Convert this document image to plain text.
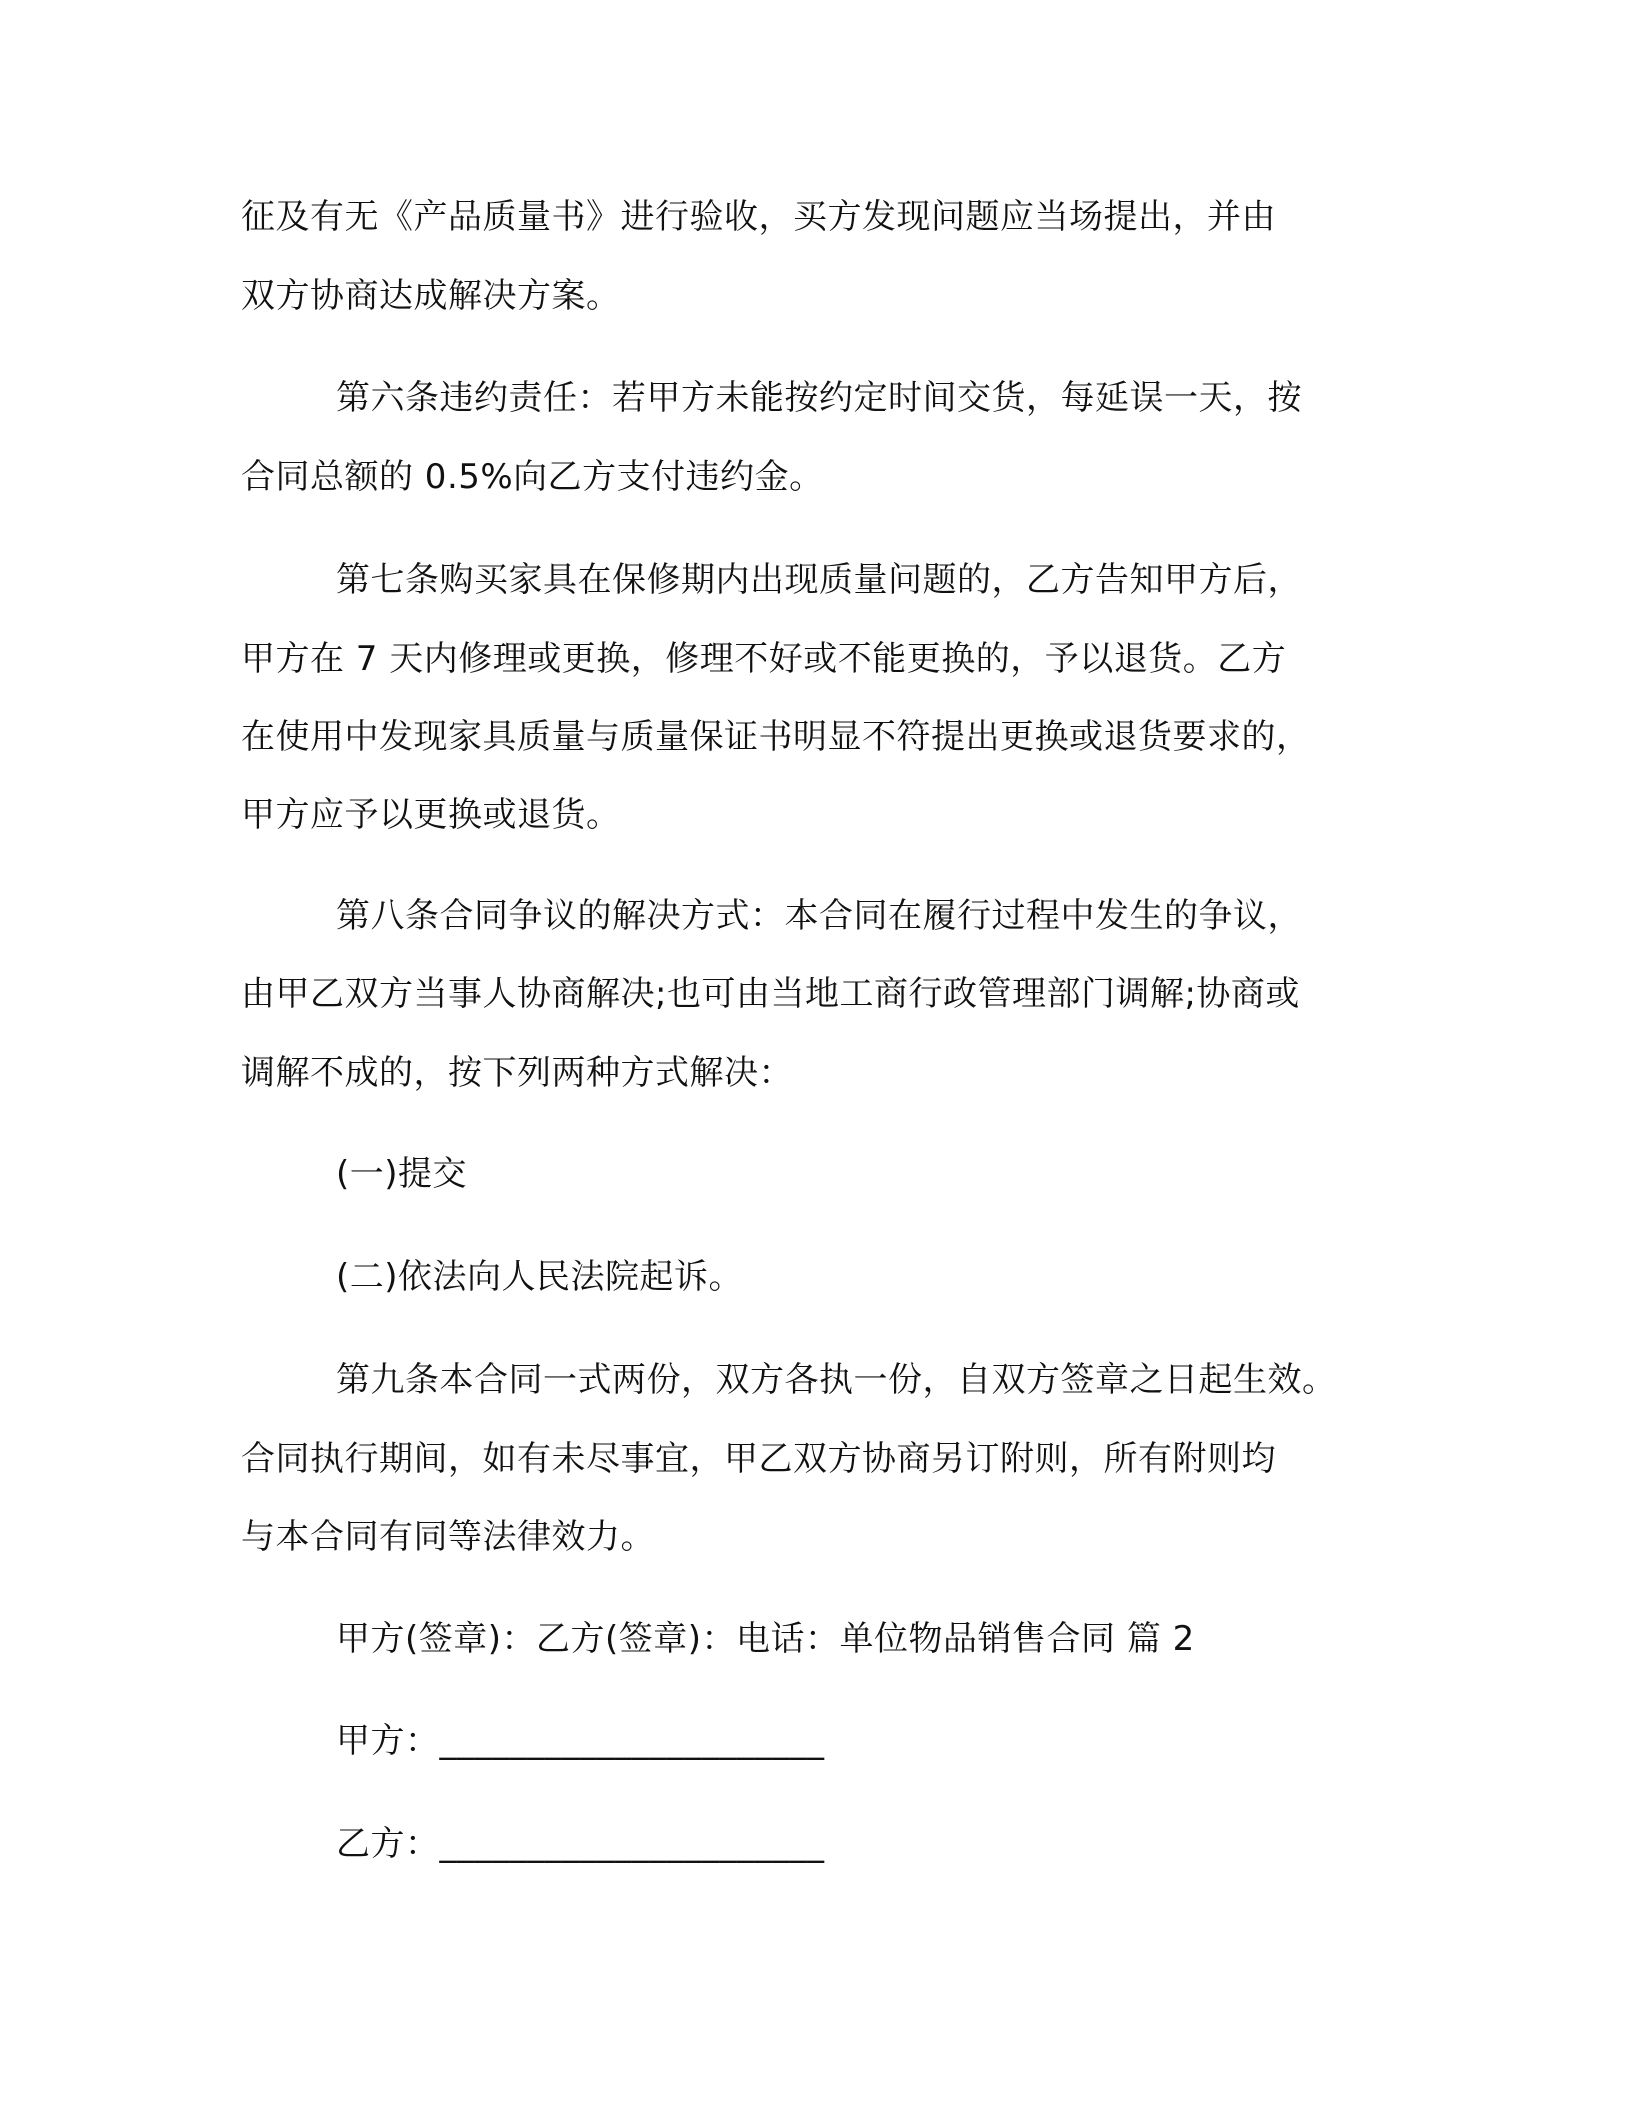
征及有无《产品质量书》进行验收，买方发现问题应当场提出，并由
双方协商达成解决方案。
第六条违约责任：若甲方未能按约定时间交货，每延误一天，按
合同总额的 0.5%向乙方支付违约金。
第七条购买家具在保修期内出现质量问题的，乙方告知甲方后，
甲方在 7 天内修理或更换，修理不好或不能更换的，予以退货。乙方
在使用中发现家具质量与质量保证书明显不符提出更换或退货要求的，
甲方应予以更换或退货。
第八条合同争议的解决方式：本合同在履行过程中发生的争议，
由甲乙双方当事人协商解决;也可由当地工商行政管理部门调解;协商或
调解不成的，按下列两种方式解决：
(一)提交
(二)依法向人民法院起诉。
第九条本合同一式两份，双方各执一份，自双方签章之日起生效。
合同执行期间，如有未尽事宜，甲乙双方协商另订附则，所有附则均
与本合同有同等法律效力。
甲方(签章)：乙方(签章)：电话：单位物品销售合同 篇 2
甲方：______________________
乙方：______________________
